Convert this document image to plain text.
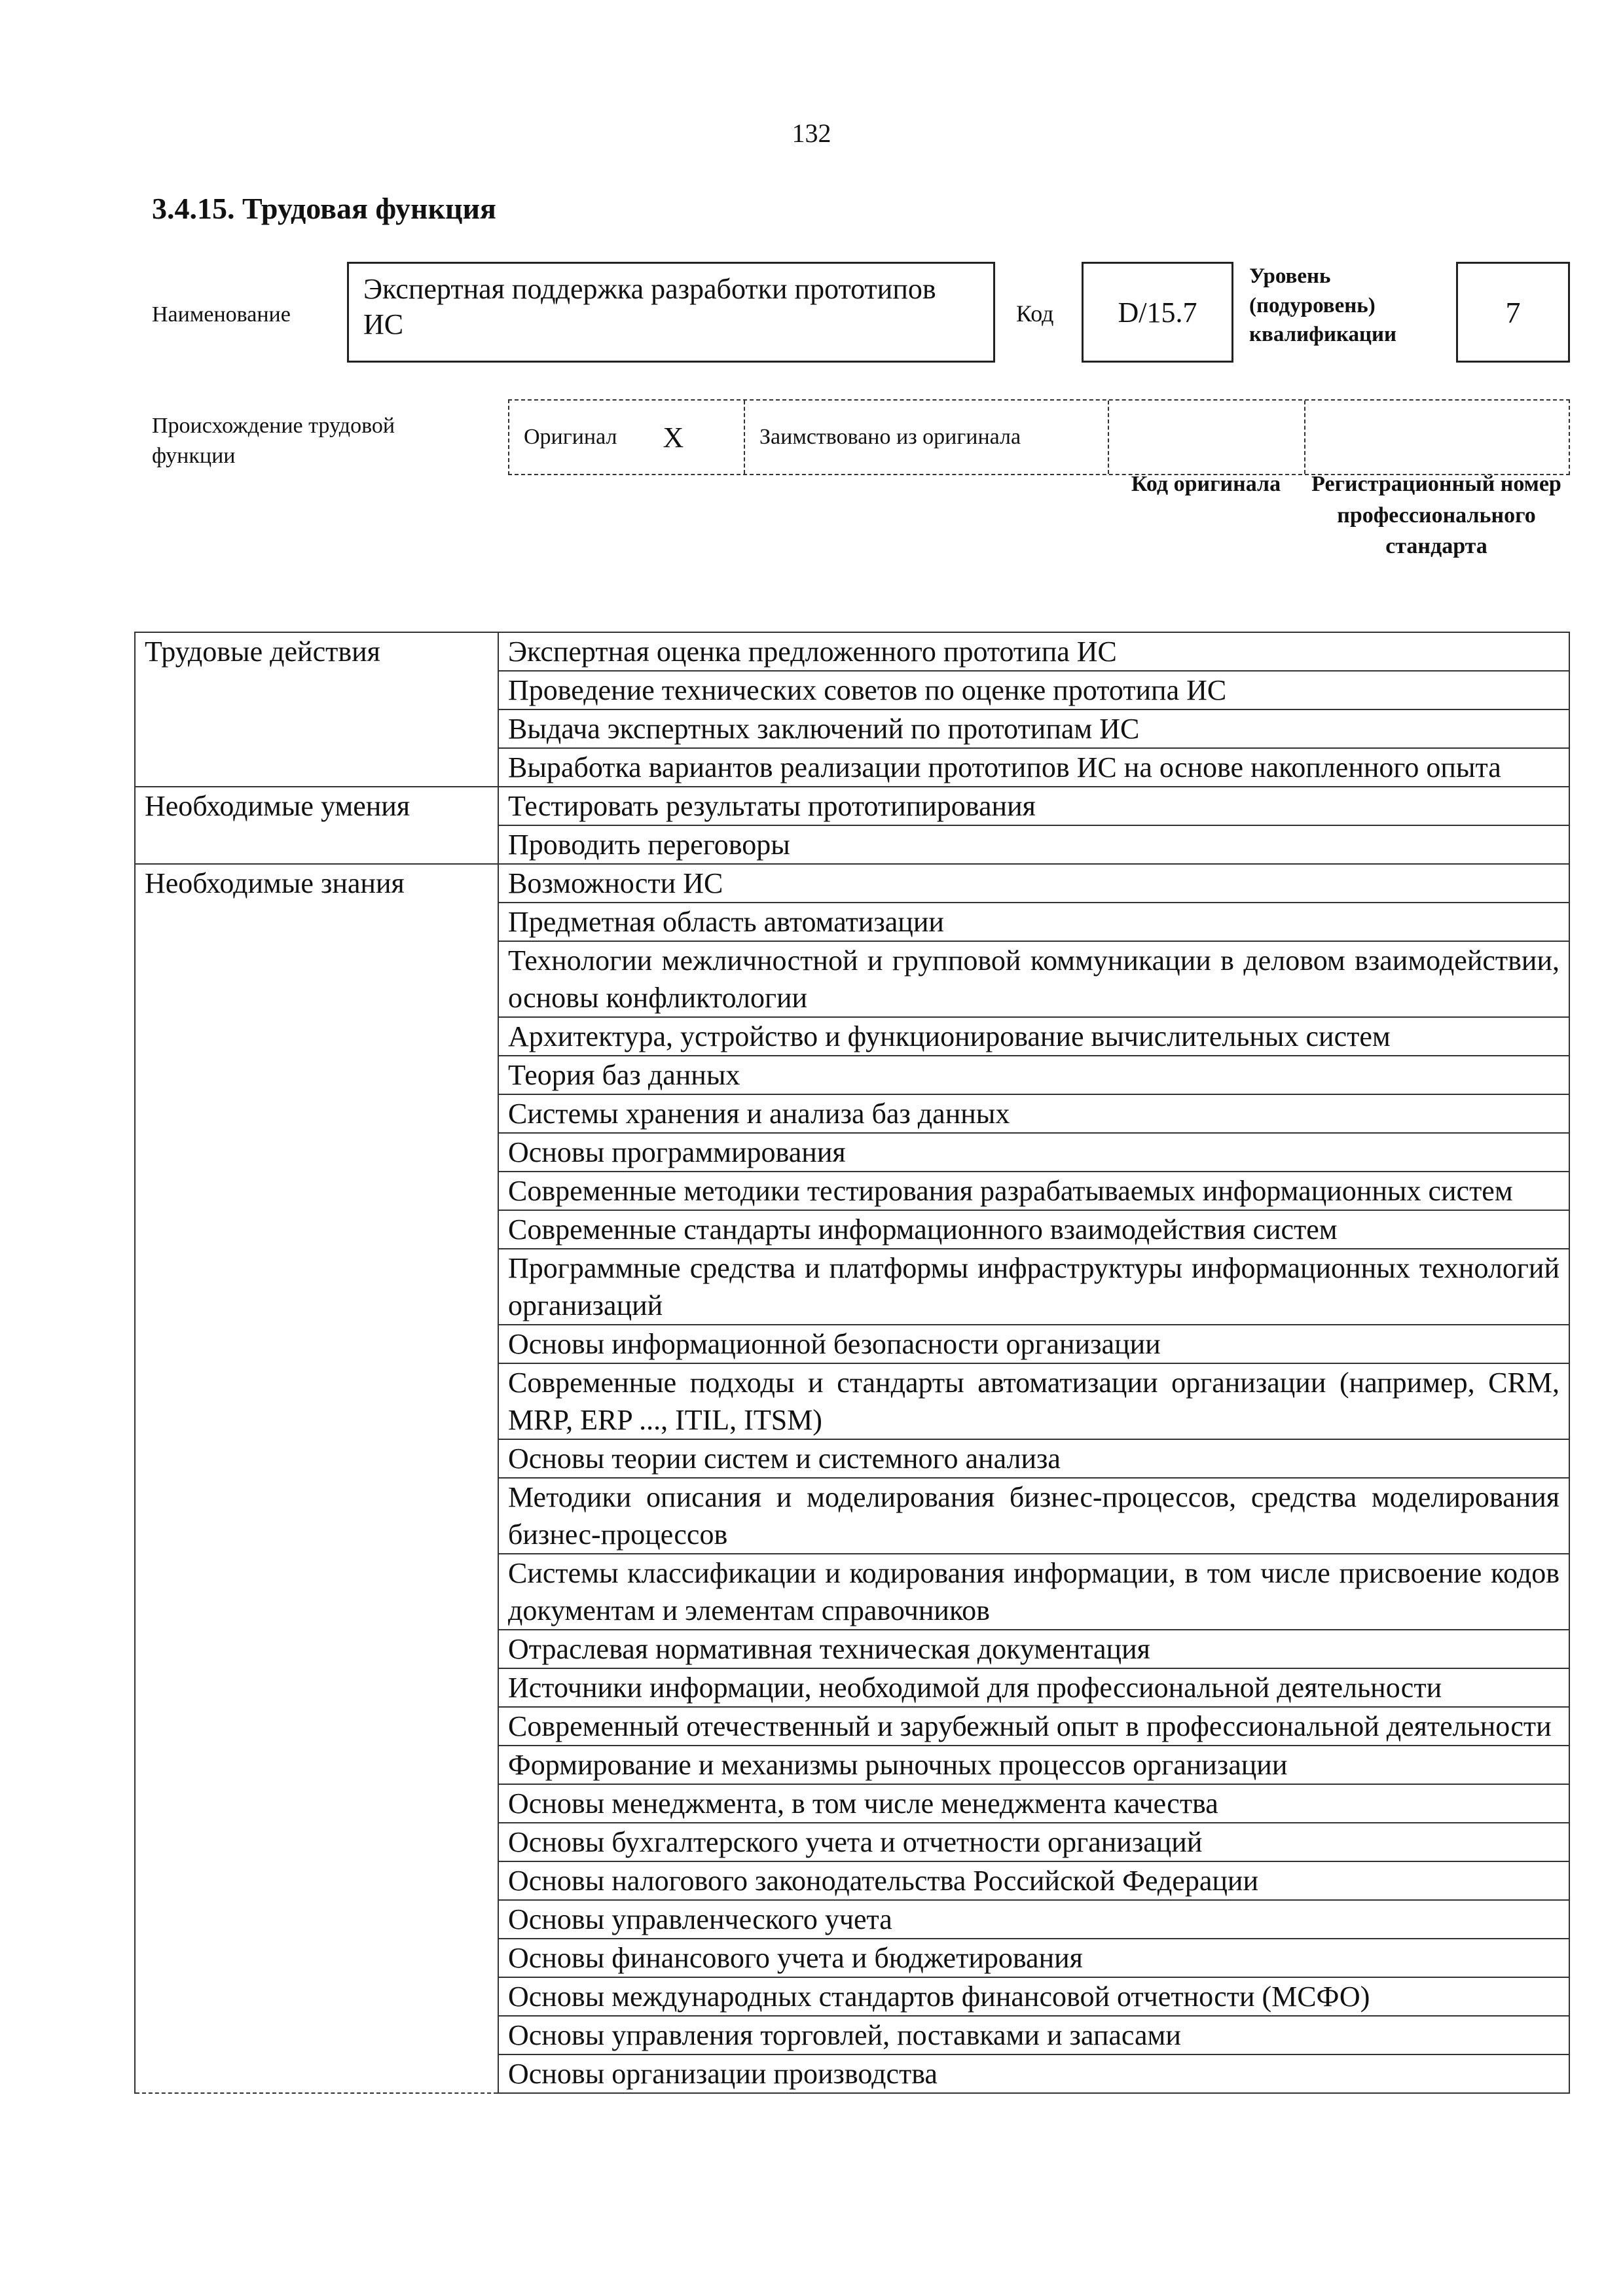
132
3.4.15. Трудовая функция
Наименование
Экспертная поддержка разработки прототипов ИС	Код	D/15.7
Уровень (подуровень) квалификации
7
Происхождение трудовой функции
Оригинал X	Заимствовано из оригинала
Код оригинала	Регистрационный номер профессионального стандарта
Трудовые действия	Экспертная оценка предложенного прототипа ИС
	Проведение технических советов по оценке прототипа ИС
	Выдача экспертных заключений по прототипам ИС
	Выработка вариантов реализации прототипов ИС на основе накопленного опыта
Необходимые умения	Тестировать результаты прототипирования
	Проводить переговоры
Необходимые знания	Возможности ИС
	Предметная область автоматизации
	Технологии межличностной и групповой коммуникации в деловом взаимодействии, основы конфликтологии
	Архитектура, устройство и функционирование вычислительных систем
	Теория баз данных
	Системы хранения и анализа баз данных
	Основы программирования
	Современные методики тестирования разрабатываемых информационных систем
	Современные стандарты информационного взаимодействия систем
	Программные средства и платформы инфраструктуры информационных технологий организаций
	Основы информационной безопасности организации
	Современные подходы и стандарты автоматизации организации (например, CRM, MRP, ERP ..., ITIL, ITSM)
	Основы теории систем и системного анализа
	Методики описания и моделирования бизнес-процессов, средства моделирования бизнес-процессов
	Системы классификации и кодирования информации, в том числе присвоение кодов документам и элементам справочников
	Отраслевая нормативная техническая документация
	Источники информации, необходимой для профессиональной деятельности
	Современный отечественный и зарубежный опыт в профессиональной деятельности
	Формирование и механизмы рыночных процессов организации
	Основы менеджмента, в том числе менеджмента качества
	Основы бухгалтерского учета и отчетности организаций
	Основы налогового законодательства Российской Федерации
	Основы управленческого учета
	Основы финансового учета и бюджетирования
	Основы международных стандартов финансовой отчетности (МСФО)
	Основы управления торговлей, поставками и запасами
	Основы организации производства
